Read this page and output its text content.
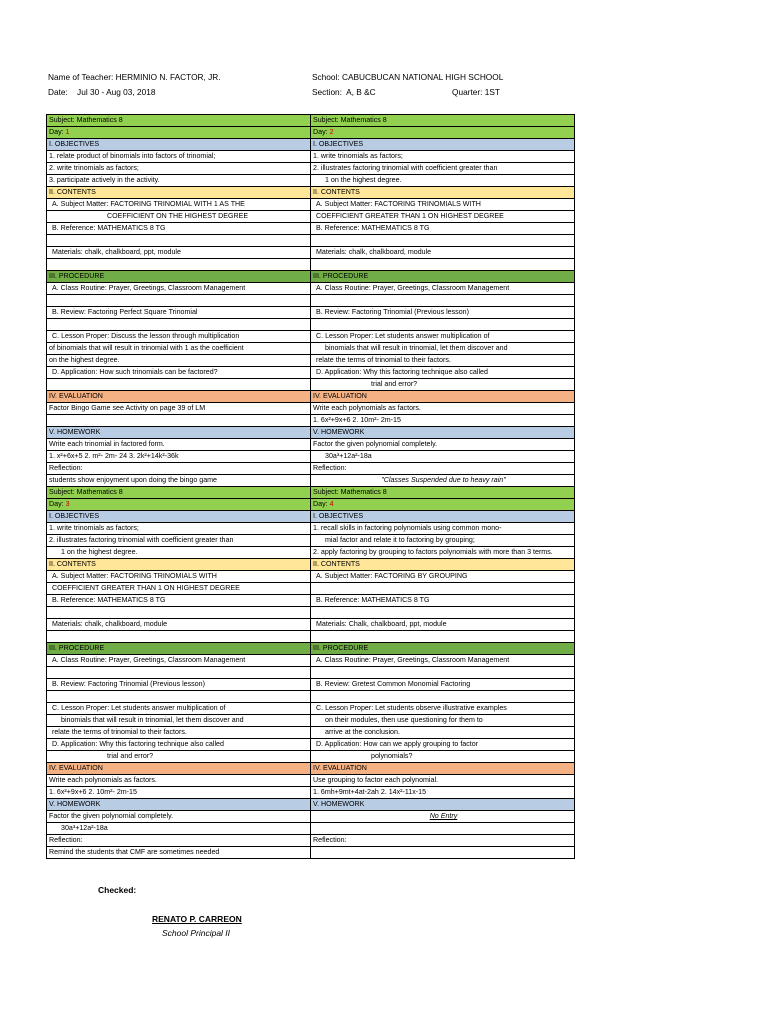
Name of Teacher: HERMINIO N. FACTOR, JR.	School: CABUCBUCAN NATIONAL HIGH SCHOOL
Date:    Jul 30 - Aug 03, 2018	Section:  A, B &C	Quarter: 1ST
Subject: Mathematics 8	Subject: Mathematics 8
Day: 1	Day: 2
I. OBJECTIVES	I. OBJECTIVES
1. relate product of binomials into factors of trinomial;	1. write trinomials as factors;
2. write trinomials as factors;	2. illustrates factoring trinomial with coefficient greater than
3. participate actively in the activity.	1 on the highest degree.
II. CONTENTS	II. CONTENTS
A. Subject Matter: FACTORING TRINOMIAL WITH 1 AS THE	A. Subject Matter: FACTORING TRINOMIALS WITH
COEFFICIENT ON THE HIGHEST DEGREE	COEFFICIENT GREATER THAN 1 ON HIGHEST DEGREE
B. Reference: MATHEMATICS 8 TG	B. Reference: MATHEMATICS 8 TG

Materials: chalk, chalkboard, ppt, module	Materials: chalk, chalkboard, module

III. PROCEDURE	III. PROCEDURE
A. Class Routine: Prayer, Greetings, Classroom Management	A. Class Routine: Prayer, Greetings, Classroom Management

B. Review: Factoring Perfect Square Trinomial	B. Review: Factoring Trinomial (Previous lesson)

C. Lesson Proper: Discuss the lesson through multiplication	C. Lesson Proper: Let students answer multiplication of
of binomials that will result in trinomial with 1 as the coefficient	binomials that will result in trinomial, let them discover and
on the highest degree.	relate the terms of trinomial to their factors.
D. Application: How such trinomials can be factored?	D. Application: Why this factoring technique also called
	trial and error?
IV. EVALUATION	IV. EVALUATION
Factor Bingo Game see Activity on page 39 of LM	Write each polynomials as factors.
	1. 6x²+9x+6 2. 10m²- 2m-15
V. HOMEWORK	V. HOMEWORK
Write each trinomial in factored form.	Factor the given polynomial completely.
1. x²+6x+5 2. m²- 2m- 24 3. 2k²+14k²-36k	30a³+12a²-18a
Reflection:	Reflection:
students show enjoyment upon doing the bingo game	"Classes Suspended due to heavy rain"
Subject: Mathematics 8	Subject: Mathematics 8
Day: 3	Day: 4
I. OBJECTIVES	I. OBJECTIVES
1. write trinomials as factors;	1. recall skills in factoring polynomials using common mono-
2. illustrates factoring trinomial with coefficient greater than	mial factor and relate it to factoring by grouping;
1 on the highest degree.	2. apply factoring by grouping to factors polynomials with more than 3 terms.
II. CONTENTS	II. CONTENTS
A. Subject Matter: FACTORING TRINOMIALS WITH	A. Subject Matter: FACTORING BY GROUPING
COEFFICIENT GREATER THAN 1 ON HIGHEST DEGREE	
B. Reference: MATHEMATICS 8 TG	B. Reference: MATHEMATICS 8 TG

Materials: chalk, chalkboard, module	Materials: Chalk, chalkboard, ppt, module

III. PROCEDURE	III. PROCEDURE
A. Class Routine: Prayer, Greetings, Classroom Management	A. Class Routine: Prayer, Greetings, Classroom Management

B. Review: Factoring Trinomial (Previous lesson)	B. Review: Gretest Common Monomial Factoring

C. Lesson Proper: Let students answer multiplication of	C. Lesson Proper: Let students observe illustrative examples
binomials that will result in trinomial, let them discover and	on their modules, then use questioning for them to
relate the terms of trinomial to their factors.	arrive at the conclusion.
D. Application: Why this factoring technique also called	D. Application: How can we apply grouping to factor
trial and error?	polynomials?
IV. EVALUATION	IV. EVALUATION
Write each polynomials as factors.	Use grouping to factor each polynomial.
1. 6x²+9x+6 2. 10m²- 2m-15	1. 6mh+9mt+4at-2ah 2. 14x²-11x-15
V. HOMEWORK	V. HOMEWORK
Factor the given polynomial completely.	No Entry
30a³+12a²-18a	
Reflection:	Reflection:
Remind the students that CMF are sometimes needed	
Checked:
RENATO P. CARREON
School Principal II
